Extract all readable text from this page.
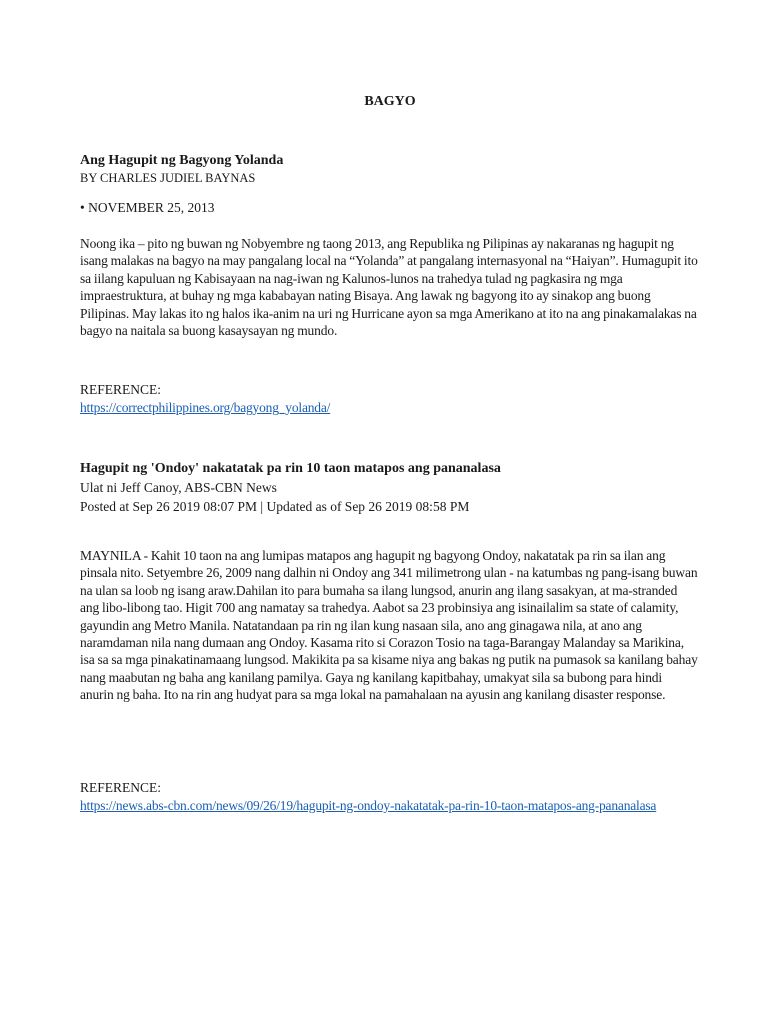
BAGYO

Ang Hagupit ng Bagyong Yolanda

BY CHARLES JUDIEL BAYNAS

• NOVEMBER 25, 2013

Noong ika – pito ng buwan ng Nobyembre ng taong 2013, ang Republika ng Pilipinas ay nakaranas ng hagupit ng isang malakas na bagyo na may pangalang local na “Yolanda” at pangalang internasyonal na “Haiyan”. Humagupit ito sa iilang kapuluan ng Kabisayaan na nag-iwan ng Kalunos-lunos na trahedya tulad ng pagkasira ng mga impraestruktura, at buhay ng mga kababayan nating Bisaya. Ang lawak ng bagyong ito ay sinakop ang buong Pilipinas. May lakas ito ng halos ika-anim na uri ng Hurricane ayon sa mga Amerikano at ito na ang pinakamalakas na bagyo na naitala sa buong kasaysayan ng mundo.

REFERENCE:

https://correctphilippines.org/bagyong_yolanda/

Hagupit ng 'Ondoy' nakatatak pa rin 10 taon matapos ang pananalasa

Ulat ni Jeff Canoy, ABS-CBN News

Posted at Sep 26 2019 08:07 PM | Updated as of Sep 26 2019 08:58 PM

MAYNILA - Kahit 10 taon na ang lumipas matapos ang hagupit ng bagyong Ondoy, nakatatak pa rin sa ilan ang pinsala nito. Setyembre 26, 2009 nang dalhin ni Ondoy ang 341 milimetrong ulan - na katumbas ng pang-isang buwan na ulan sa loob ng isang araw.Dahilan ito para bumaha sa ilang lungsod, anurin ang ilang sasakyan, at ma-stranded ang libo-libong tao. Higit 700 ang namatay sa trahedya. Aabot sa 23 probinsiya ang isinailalim sa state of calamity, gayundin ang Metro Manila. Natatandaan pa rin ng ilan kung nasaan sila, ano ang ginagawa nila, at ano ang naramdaman nila nang dumaan ang Ondoy. Kasama rito si Corazon Tosio na taga-Barangay Malanday sa Marikina, isa sa sa mga pinakatinamaang lungsod. Makikita pa sa kisame niya ang bakas ng putik na pumasok sa kanilang bahay nang maabutan ng baha ang kanilang pamilya. Gaya ng kanilang kapitbahay, umakyat sila sa bubong para hindi anurin ng baha. Ito na rin ang hudyat para sa mga lokal na pamahalaan na ayusin ang kanilang disaster response.

REFERENCE:

https://news.abs-cbn.com/news/09/26/19/hagupit-ng-ondoy-nakatatak-pa-rin-10-taon-matapos-ang-pananalasa
